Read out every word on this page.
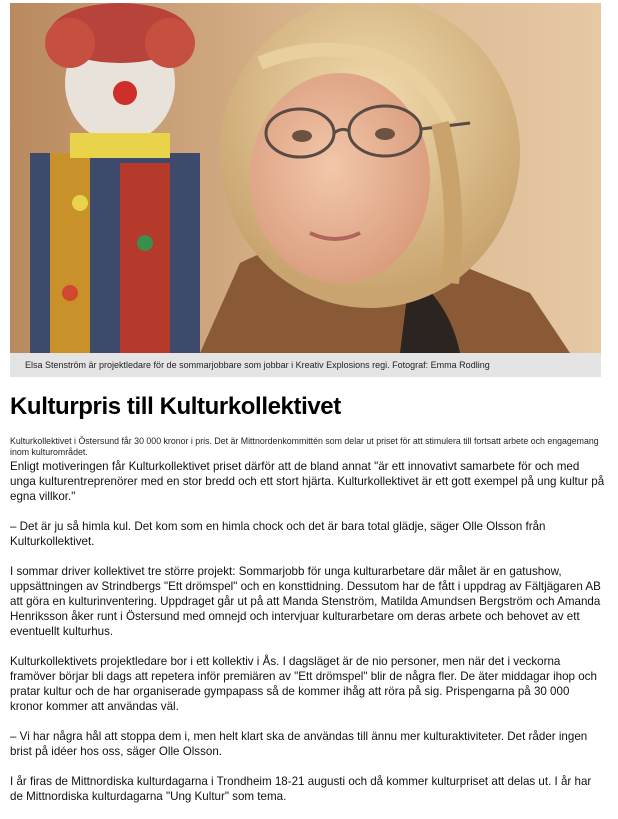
Elsa Stenström är projektledare för de sommarjobbare som jobbar i Kreativ Explosions regi. Fotograf: Emma Rodling
Kulturpris till Kulturkollektivet

Kulturkollektivet i Östersund får 30 000 kronor i pris. Det är Mittnordenkommittén som delar ut priset för att stimulera till fortsatt arbete och engagemang inom kulturområdet.

Enligt motiveringen får Kulturkollektivet priset därför att de bland annat "är ett innovativt samarbete för och med unga kulturentreprenörer med en stor bredd och ett stort hjärta. Kulturkollektivet är ett gott exempel på ung kultur på egna villkor."

– Det är ju så himla kul. Det kom som en himla chock och det är bara total glädje, säger Olle Olsson från Kulturkollektivet.

I sommar driver kollektivet tre större projekt: Sommarjobb för unga kulturarbetare där målet är en gatushow, uppsättningen av Strindbergs "Ett drömspel" och en konsttidning. Dessutom har de fått i uppdrag av Fältjägaren AB att göra en kulturinventering. Uppdraget går ut på att Manda Stenström, Matilda Amundsen Bergström och Amanda Henriksson åker runt i Östersund med omnejd och intervjuar kulturarbetare om deras arbete och behovet av ett eventuellt kulturhus.

Kulturkollektivets projektledare bor i ett kollektiv i Ås. I dagsläget är de nio personer, men när det i veckorna framöver börjar bli dags att repetera inför premiären av "Ett drömspel" blir de några fler. De äter middagar ihop och pratar kultur och de har organiserade gympapass så de kommer ihåg att röra på sig. Prispengarna på 30 000 kronor kommer att användas väl.

– Vi har några hål att stoppa dem i, men helt klart ska de användas till ännu mer kulturaktiviteter. Det råder ingen brist på idéer hos oss, säger Olle Olsson.

I år firas de Mittnordiska kulturdagarna i Trondheim 18-21 augusti och då kommer kulturpriset att delas ut. I år har de Mittnordiska kulturdagarna "Ung Kultur" som tema.
